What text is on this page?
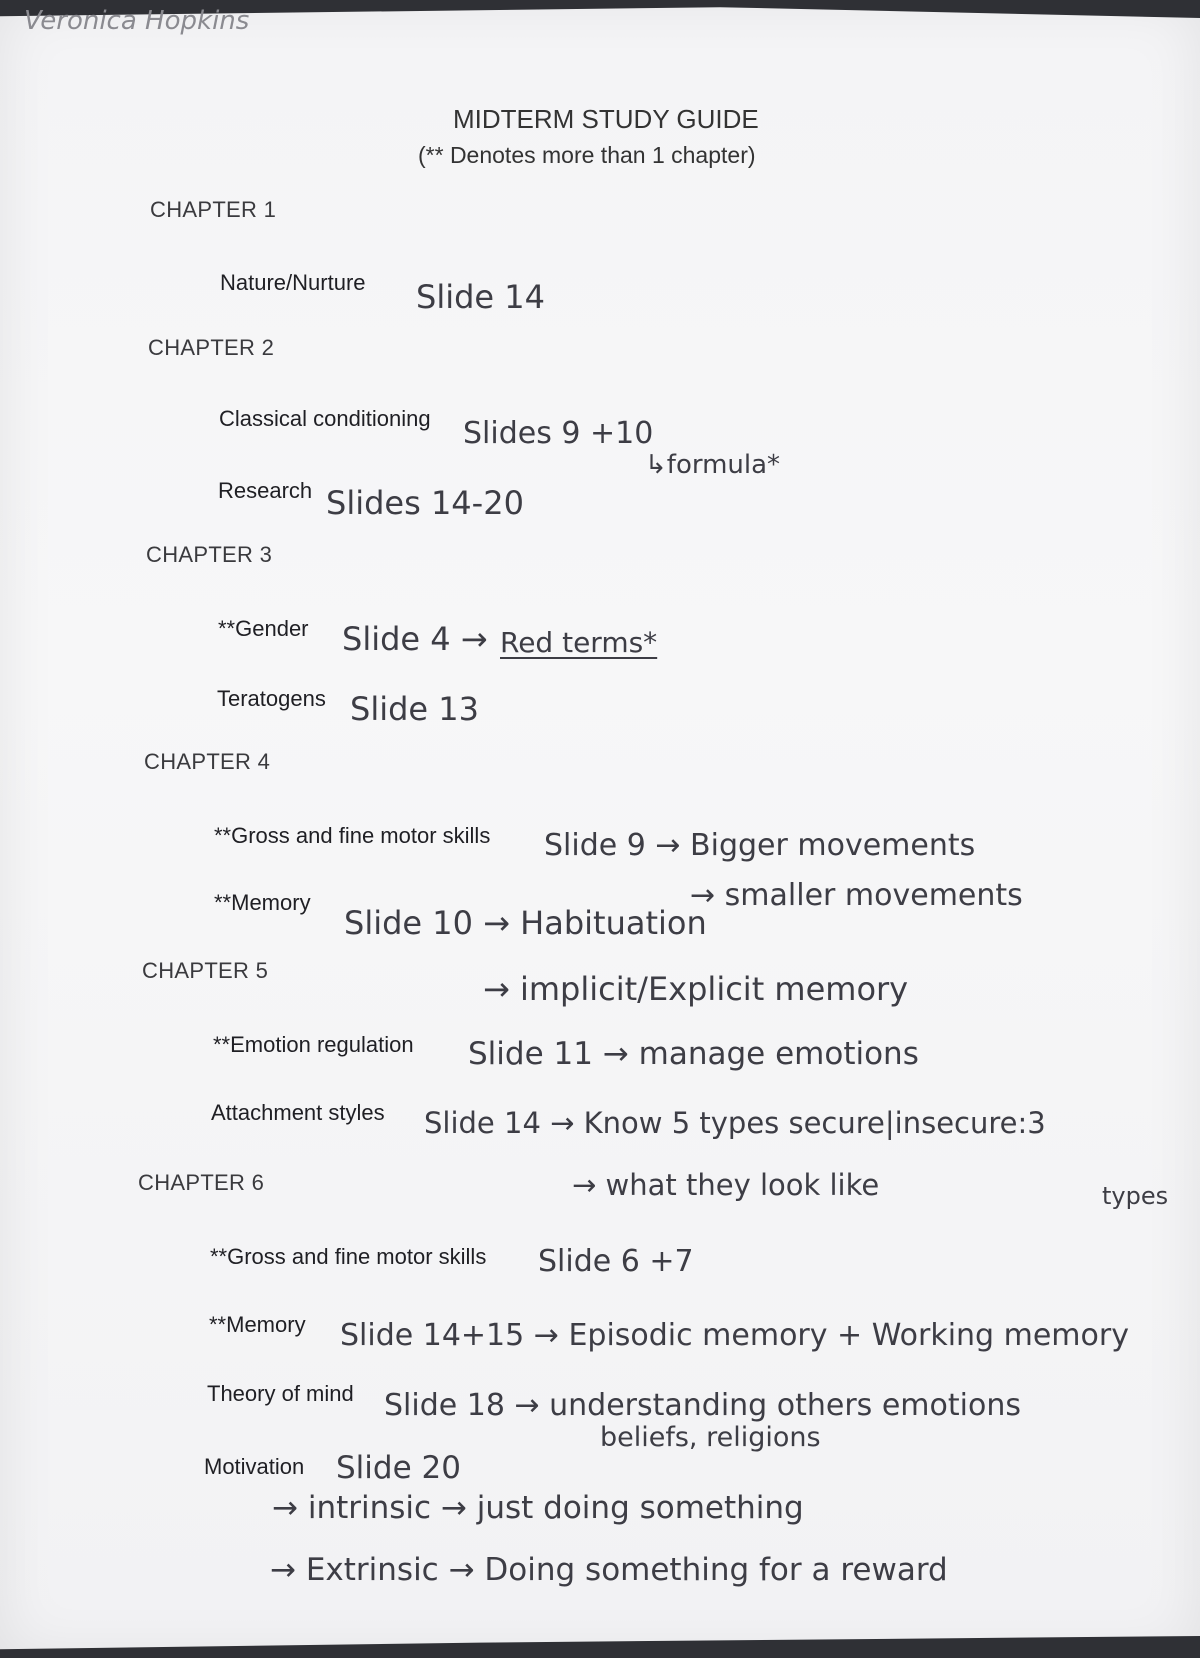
Veronica Hopkins
MIDTERM STUDY GUIDE
(** Denotes more than 1 chapter)
CHAPTER 1
Nature/Nurture Slide 14
CHAPTER 2
Classical conditioning Slides 9 +10
↳formula*
Research Slides 14-20
CHAPTER 3
**Gender Slide 4 → Red terms*
Teratogens Slide 13
CHAPTER 4
**Gross and fine motor skills Slide 9 → Bigger movements
→ smaller movements
**Memory
Slide 10 → Habituation
→ implicit/Explicit memory
CHAPTER 5
**Emotion regulation Slide 11 → manage emotions
Attachment styles Slide 14 → Know 5 types secure|insecure:3
→ what they look like	types
CHAPTER 6
**Gross and fine motor skills Slide 6 +7
**Memory Slide 14+15 → Episodic memory + Working memory
Theory of mind Slide 18 → understanding others emotions
beliefs, religions
Motivation Slide 20
→ intrinsic → just doing something
→ Extrinsic → Doing something for a reward
